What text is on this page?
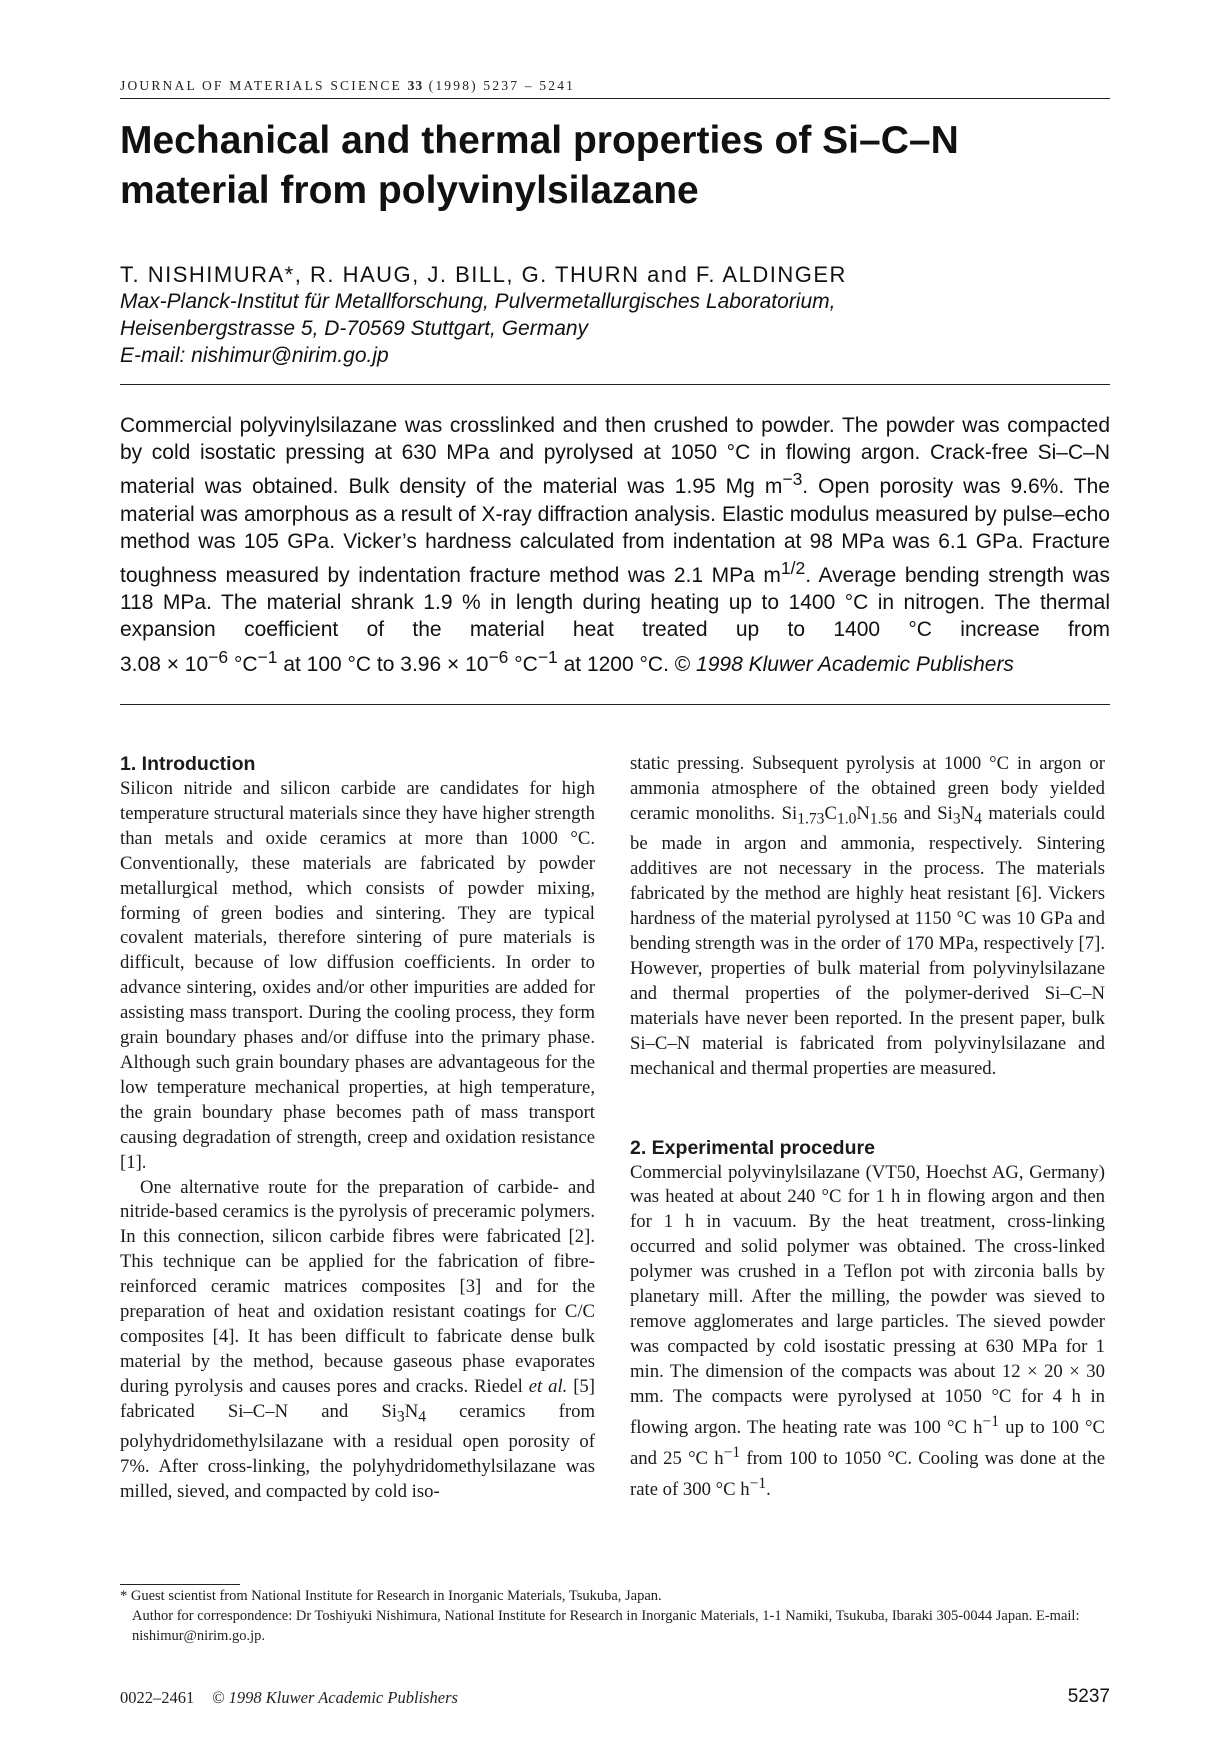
JOURNAL OF MATERIALS SCIENCE 33 (1998) 5237 – 5241
Mechanical and thermal properties of Si–C–N
material from polyvinylsilazane
T. NISHIMURA*, R. HAUG, J. BILL, G. THURN and F. ALDINGER
Max-Planck-Institut für Metallforschung, Pulvermetallurgisches Laboratorium,
Heisenbergstrasse 5, D-70569 Stuttgart, Germany
E-mail: nishimur@nirim.go.jp
Commercial polyvinylsilazane was crosslinked and then crushed to powder. The powder was compacted by cold isostatic pressing at 630 MPa and pyrolysed at 1050 °C in flowing argon. Crack-free Si–C–N material was obtained. Bulk density of the material was 1.95 Mg $m^{-3}$. Open porosity was 9.6%. The material was amorphous as a result of X-ray diffraction analysis. Elastic modulus measured by pulse–echo method was 105 GPa. Vicker’s hardness calculated from indentation at 98 MPa was 6.1 GPa. Fracture toughness measured by indentation fracture method was 2.1 MPa $m^{1/2}$. Average bending strength was 118 MPa. The material shrank 1.9 % in length during heating up to 1400 °C in nitrogen. The thermal expansion coefficient of the material heat treated up to 1400 °C increase from $3.08 \times 10^{-6}$ $^\circ C^{-1}$ at 100 °C to $3.96 \times 10^{-6}$ $^\circ C^{-1}$ at 1200 °C. © 1998 Kluwer Academic Publishers
1. Introduction

Silicon nitride and silicon carbide are candidates for high temperature structural materials since they have higher strength than metals and oxide ceramics at more than 1000 °C. Conventionally, these materials are fabricated by powder metallurgical method, which consists of powder mixing, forming of green bodies and sintering. They are typical covalent materials, therefore sintering of pure materials is difficult, because of low diffusion coefficients. In order to advance sintering, oxides and/or other impurities are added for assisting mass transport. During the cooling process, they form grain boundary phases and/or diffuse into the primary phase. Although such grain boundary phases are advantageous for the low temperature mechanical properties, at high temperature, the grain boundary phase becomes path of mass transport causing degradation of strength, creep and oxidation resistance [1].

One alternative route for the preparation of carbide- and nitride-based ceramics is the pyrolysis of preceramic polymers. In this connection, silicon carbide fibres were fabricated [2]. This technique can be applied for the fabrication of fibre-reinforced ceramic matrices composites [3] and for the preparation of heat and oxidation resistant coatings for C/C composites [4]. It has been difficult to fabricate dense bulk material by the method, because gaseous phase evaporates during pyrolysis and causes pores and cracks. Riedel et al. [5] fabricated Si–C–N and $Si_3N_4$ ceramics from polyhydridomethylsilazane with a residual open porosity of 7%. After cross-linking, the polyhydridomethylsilazane was milled, sieved, and compacted by cold iso-

static pressing. Subsequent pyrolysis at 1000 °C in argon or ammonia atmosphere of the obtained green body yielded ceramic monoliths. $Si_{1.73}C_{1.0}N_{1.56}$ and $Si_3N_4$ materials could be made in argon and ammonia, respectively. Sintering additives are not necessary in the process. The materials fabricated by the method are highly heat resistant [6]. Vickers hardness of the material pyrolysed at 1150 °C was 10 GPa and bending strength was in the order of 170 MPa, respectively [7]. However, properties of bulk material from polyvinylsilazane and thermal properties of the polymer-derived Si–C–N materials have never been reported. In the present paper, bulk Si–C–N material is fabricated from polyvinylsilazane and mechanical and thermal properties are measured.

2. Experimental procedure

Commercial polyvinylsilazane (VT50, Hoechst AG, Germany) was heated at about 240 °C for 1 h in flowing argon and then for 1 h in vacuum. By the heat treatment, cross-linking occurred and solid polymer was obtained. The cross-linked polymer was crushed in a Teflon pot with zirconia balls by planetary mill. After the milling, the powder was sieved to remove agglomerates and large particles. The sieved powder was compacted by cold isostatic pressing at 630 MPa for 1 min. The dimension of the compacts was about 12 × 20 × 30 mm. The compacts were pyrolysed at 1050 °C for 4 h in flowing argon. The heating rate was 100 °C $h^{-1}$ up to 100 °C and 25 °C $h^{-1}$ from 100 to 1050 °C. Cooling was done at the rate of 300 °C $h^{-1}$.

* Guest scientist from National Institute for Research in Inorganic Materials, Tsukuba, Japan.
Author for correspondence: Dr Toshiyuki Nishimura, National Institute for Research in Inorganic Materials, 1-1 Namiki, Tsukuba, Ibaraki 305-0044 Japan. E-mail: nishimur@nirim.go.jp.
0022–2461 © 1998 Kluwer Academic Publishers	5237
